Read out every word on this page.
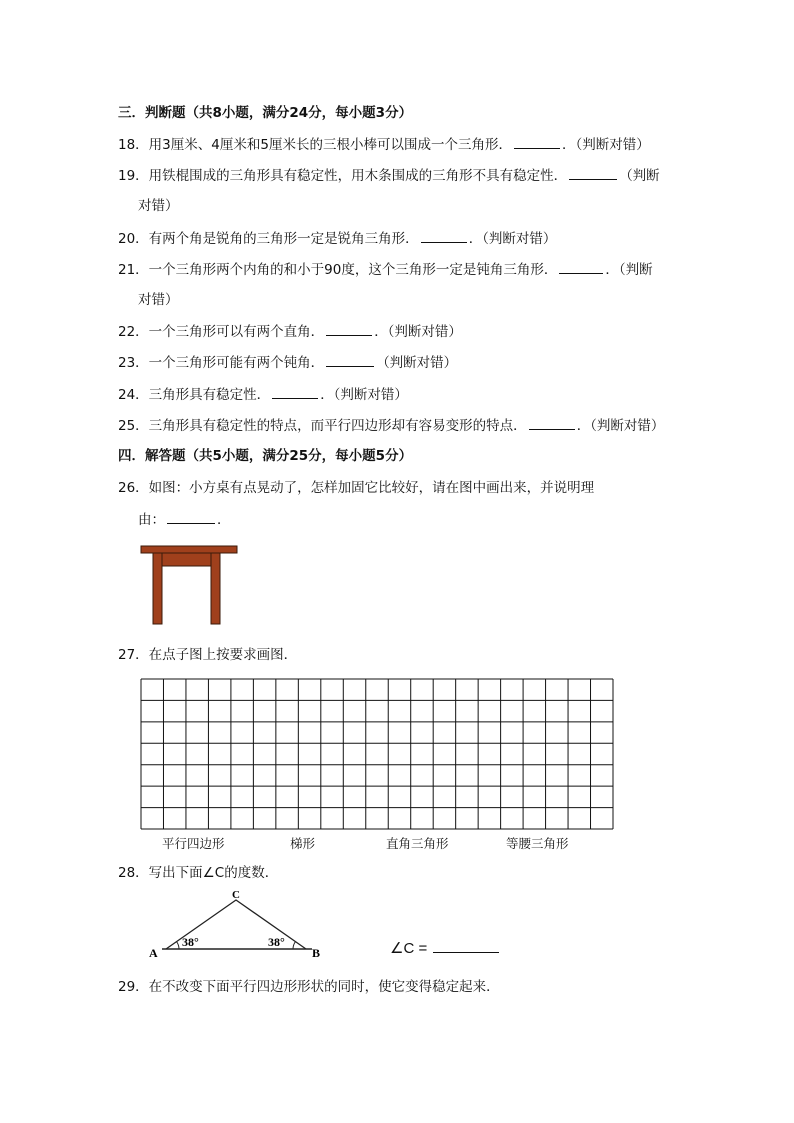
三．判断题（共8小题，满分24分，每小题3分）
18．用3厘米、4厘米和5厘米长的三根小棒可以围成一个三角形．	．（判断对错）
19．用铁棍围成的三角形具有稳定性，用木条围成的三角形不具有稳定性．	（判断
对错）
20．有两个角是锐角的三角形一定是锐角三角形．	．（判断对错）
21．一个三角形两个内角的和小于90度，这个三角形一定是钝角三角形．	．（判断
对错）
22．一个三角形可以有两个直角．	．（判断对错）
23．一个三角形可能有两个钝角．	（判断对错）
24．三角形具有稳定性．	．（判断对错）
25．三角形具有稳定性的特点，而平行四边形却有容易变形的特点．	．（判断对错）
四．解答题（共5小题，满分25分，每小题5分）
26．如图：小方桌有点晃动了，怎样加固它比较好，请在图中画出来，并说明理
由：	．
27．在点子图上按要求画图．
平行四边形	梯形	直角三角形	等腰三角形
28．写出下面∠C的度数．
A	B
C
38°	38°	∠C =
29．在不改变下面平行四边形形状的同时，使它变得稳定起来．
